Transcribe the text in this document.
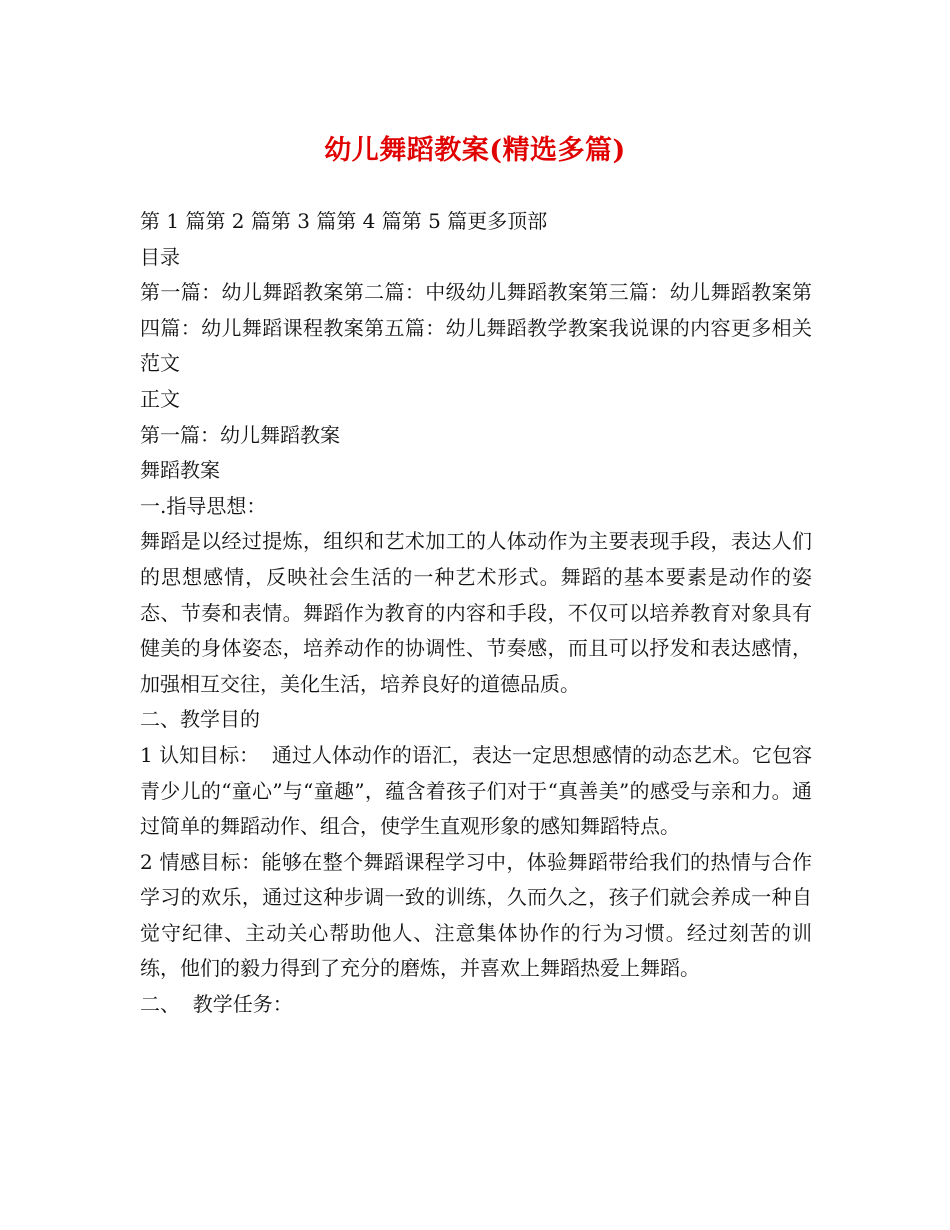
幼儿舞蹈教案(精选多篇)
第 1 篇第 2 篇第 3 篇第 4 篇第 5 篇更多顶部
目录
第一篇：幼儿舞蹈教案第二篇：中级幼儿舞蹈教案第三篇：幼儿舞蹈教案第四篇：幼儿舞蹈课程教案第五篇：幼儿舞蹈教学教案我说课的内容更多相关范文
正文
第一篇：幼儿舞蹈教案
舞蹈教案
一.指导思想：
舞蹈是以经过提炼，组织和艺术加工的人体动作为主要表现手段，表达人们的思想感情，反映社会生活的一种艺术形式。舞蹈的基本要素是动作的姿态、节奏和表情。舞蹈作为教育的内容和手段，不仅可以培养教育对象具有健美的身体姿态，培养动作的协调性、节奏感，而且可以抒发和表达感情，加强相互交往，美化生活，培养良好的道德品质。
二、教学目的
1 认知目标：  通过人体动作的语汇，表达一定思想感情的动态艺术。它包容青少儿的“童心”与“童趣”，蕴含着孩子们对于“真善美”的感受与亲和力。通过简单的舞蹈动作、组合，使学生直观形象的感知舞蹈特点。
2 情感目标：能够在整个舞蹈课程学习中，体验舞蹈带给我们的热情与合作学习的欢乐，通过这种步调一致的训练，久而久之，孩子们就会养成一种自觉守纪律、主动关心帮助他人、注意集体协作的行为习惯。经过刻苦的训练，他们的毅力得到了充分的磨炼，并喜欢上舞蹈热爱上舞蹈。
二、  教学任务：
